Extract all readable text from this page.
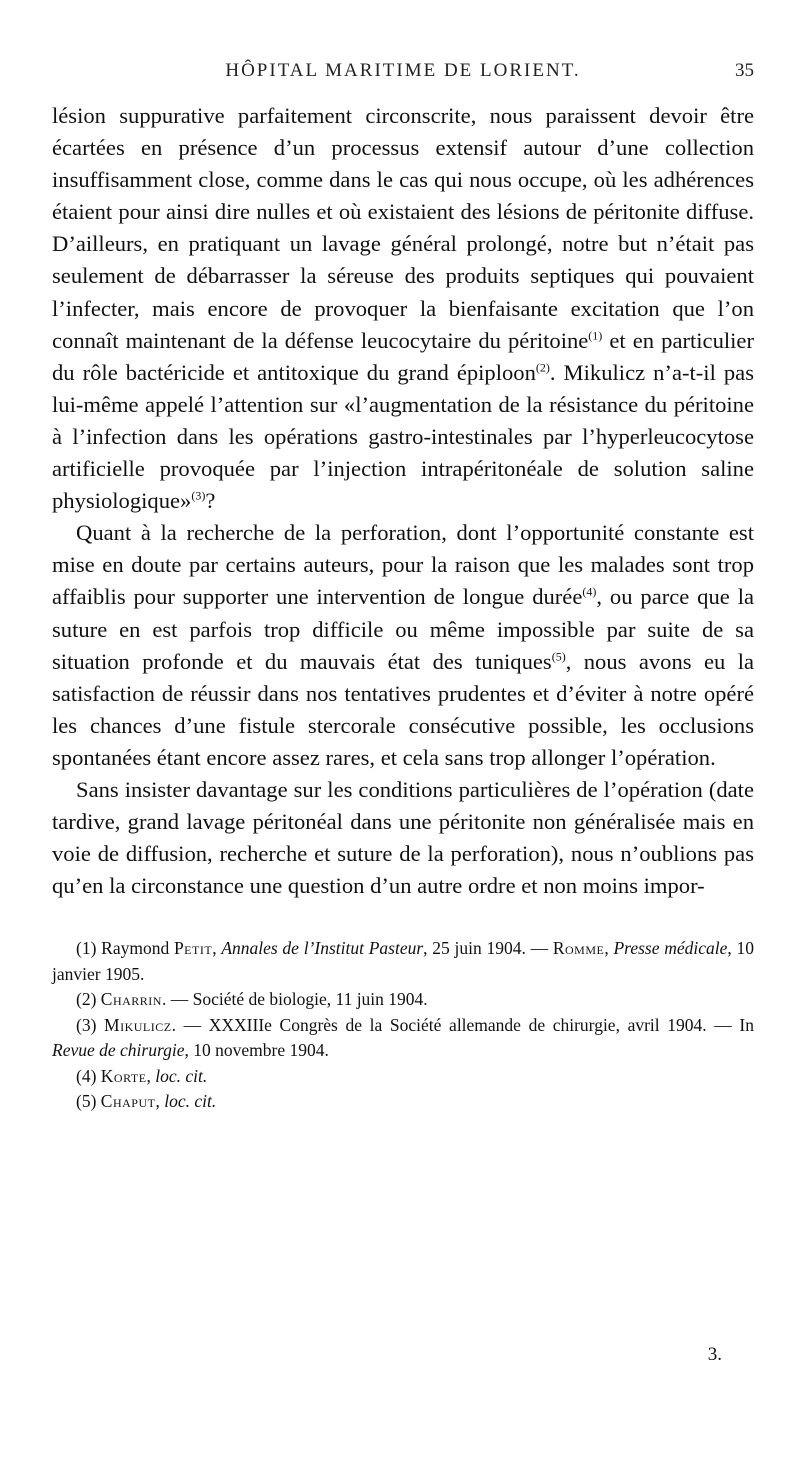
HÔPITAL MARITIME DE LORIENT.	35

lésion suppurative parfaitement circonscrite, nous paraissent devoir être écartées en présence d’un processus extensif autour d’une collection insuffisamment close, comme dans le cas qui nous occupe, où les adhérences étaient pour ainsi dire nulles et où existaient des lésions de péritonite diffuse. D’ailleurs, en pratiquant un lavage général prolongé, notre but n’était pas seulement de débarrasser la séreuse des produits septiques qui pouvaient l’infecter, mais encore de provoquer la bienfaisante excitation que l’on connaît maintenant de la défense leucocytaire du péritoine$^{(1)}$ et en particulier du rôle bactéricide et antitoxique du grand épiploon$^{(2)}$. Mikulicz n’a-t-il pas lui-même appelé l’attention sur «l’augmentation de la résistance du péritoine à l’infection dans les opérations gastro-intestinales par l’hyperleucocytose artificielle provoquée par l’injection intrapéritonéale de solution saline physiologique»$^{(3)}$?

Quant à la recherche de la perforation, dont l’opportunité constante est mise en doute par certains auteurs, pour la raison que les malades sont trop affaiblis pour supporter une intervention de longue durée$^{(4)}$, ou parce que la suture en est parfois trop difficile ou même impossible par suite de sa situation profonde et du mauvais état des tuniques$^{(5)}$, nous avons eu la satisfaction de réussir dans nos tentatives prudentes et d’éviter à notre opéré les chances d’une fistule stercorale consécutive possible, les occlusions spontanées étant encore assez rares, et cela sans trop allonger l’opération.

Sans insister davantage sur les conditions particulières de l’opération (date tardive, grand lavage péritonéal dans une péritonite non généralisée mais en voie de diffusion, recherche et suture de la perforation), nous n’oublions pas qu’en la circonstance une question d’un autre ordre et non moins impor-

(1) Raymond Petit, Annales de l’Institut Pasteur, 25 juin 1904. — Romme, Presse médicale, 10 janvier 1905.

(2) Charrin. — Société de biologie, 11 juin 1904.

(3) Mikulicz. — XXXIIIe Congrès de la Société allemande de chirurgie, avril 1904. — In Revue de chirurgie, 10 novembre 1904.

(4) Korte, loc. cit.

(5) Chaput, loc. cit.

3.
